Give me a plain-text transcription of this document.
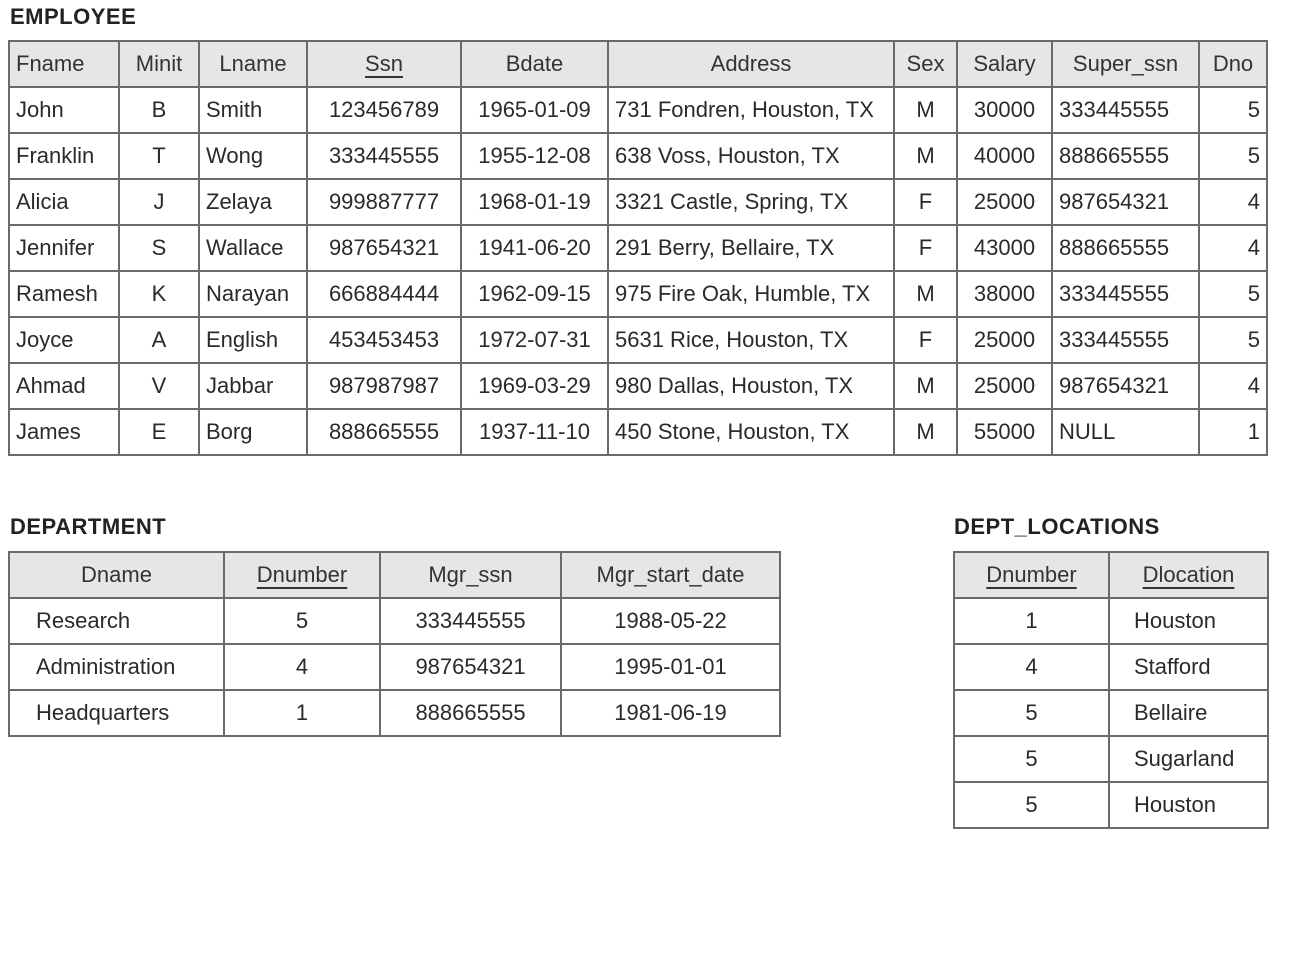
EMPLOYEE
Fname	Minit	Lname	Ssn	Bdate	Address	Sex	Salary	Super_ssn	Dno
John	B	Smith	123456789	1965-01-09	731 Fondren, Houston, TX	M	30000	333445555	5
Franklin	T	Wong	333445555	1955-12-08	638 Voss, Houston, TX	M	40000	888665555	5
Alicia	J	Zelaya	999887777	1968-01-19	3321 Castle, Spring, TX	F	25000	987654321	4
Jennifer	S	Wallace	987654321	1941-06-20	291 Berry, Bellaire, TX	F	43000	888665555	4
Ramesh	K	Narayan	666884444	1962-09-15	975 Fire Oak, Humble, TX	M	38000	333445555	5
Joyce	A	English	453453453	1972-07-31	5631 Rice, Houston, TX	F	25000	333445555	5
Ahmad	V	Jabbar	987987987	1969-03-29	980 Dallas, Houston, TX	M	25000	987654321	4
James	E	Borg	888665555	1937-11-10	450 Stone, Houston, TX	M	55000	NULL	1
DEPARTMENT
Dname	Dnumber	Mgr_ssn	Mgr_start_date
Research	5	333445555	1988-05-22
Administration	4	987654321	1995-01-01
Headquarters	1	888665555	1981-06-19
DEPT_LOCATIONS
Dnumber	Dlocation
1	Houston
4	Stafford
5	Bellaire
5	Sugarland
5	Houston
